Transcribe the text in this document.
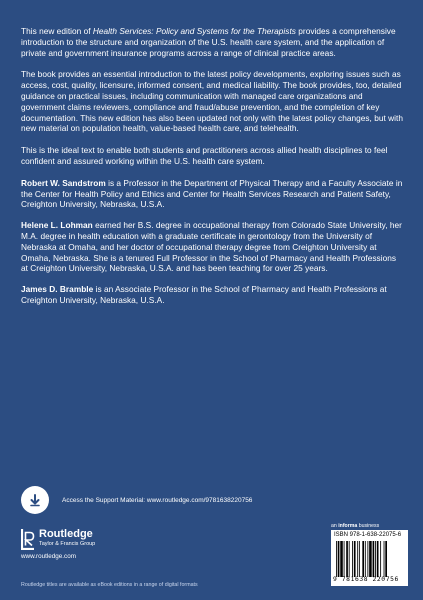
This new edition of Health Services: Policy and Systems for the Therapists provides a comprehensive introduction to the structure and organization of the U.S. health care system, and the application of private and government insurance programs across a range of clinical practice areas.

The book provides an essential introduction to the latest policy developments, exploring issues such as access, cost, quality, licensure, informed consent, and medical liability. The book provides, too, detailed guidance on practical issues, including communication with managed care organizations and government claims reviewers, compliance and fraud/abuse prevention, and the completion of key documentation. This new edition has also been updated not only with the latest policy changes, but with new material on population health, value-based health care, and telehealth.

This is the ideal text to enable both students and practitioners across allied health disciplines to feel confident and assured working within the U.S. health care system.

Robert W. Sandstrom is a Professor in the Department of Physical Therapy and a Faculty Associate in the Center for Health Policy and Ethics and Center for Health Services Research and Patient Safety, Creighton University, Nebraska, U.S.A.

Helene L. Lohman earned her B.S. degree in occupational therapy from Colorado State University, her M.A. degree in health education with a graduate certificate in gerontology from the University of Nebraska at Omaha, and her doctor of occupational therapy degree from Creighton University at Omaha, Nebraska. She is a tenured Full Professor in the School of Pharmacy and Health Professions at Creighton University, Nebraska, U.S.A. and has been teaching for over 25 years.

James D. Bramble is an Associate Professor in the School of Pharmacy and Health Professions at Creighton University, Nebraska, U.S.A.

Access the Support Material: www.routledge.com/9781638220756
Routledge
Taylor & Francis Group
www.routledge.com
Routledge titles are available as eBook editions in a range of digital formats
an informa business
ISBN 978-1-638-22075-6
9 781638 220756
